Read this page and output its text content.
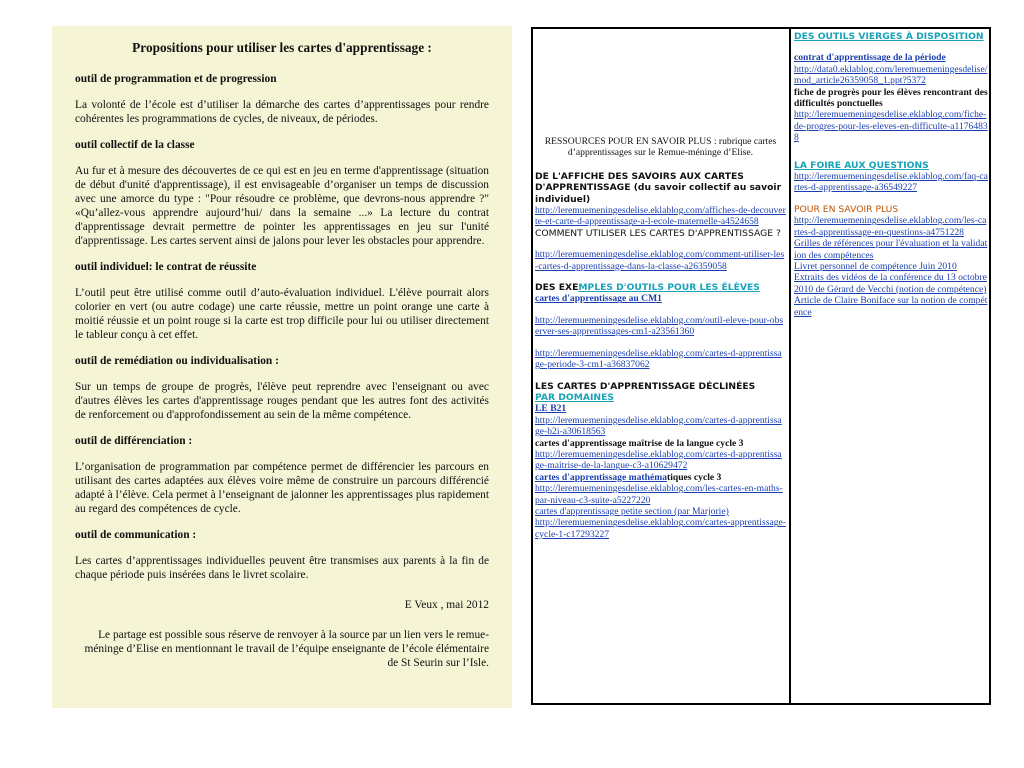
Propositions pour utiliser les cartes d'apprentissage :
outil de programmation et de progression
La volonté de l’école est d’utiliser la démarche des cartes d’apprentissages pour rendre cohérentes les programmations de cycles, de niveaux, de périodes.
outil collectif de la classe
Au fur et à mesure des découvertes de ce qui est en jeu en terme d'apprentissage (situation de début d'unité d'apprentissage), il est envisageable d’organiser un temps de discussion avec une amorce du type : "Pour résoudre ce problème, que devrons-nous apprendre ?" «Qu’allez-vous apprendre aujourd’hui/ dans la semaine ...» La lecture du contrat d'apprentissage devrait permettre de pointer les apprentissages en jeu sur l'unité d'apprentissage. Les cartes servent ainsi de jalons pour lever les obstacles pour apprendre.
outil individuel: le contrat de réussite
L’outil peut être utilisé comme outil d’auto-évaluation individuel. L'élève pourrait alors colorier en vert (ou autre codage) une carte réussie, mettre un point orange une carte à moitié réussie et un point rouge si la carte est trop difficile pour lui ou utiliser directement le tableur conçu à cet effet.
outil de remédiation ou individualisation :
Sur un temps de groupe de progrès, l'élève peut reprendre avec l'enseignant ou avec d'autres élèves les cartes d'apprentissage rouges pendant que les autres font des activités de renforcement ou d'approfondissement au sein de la même compétence.
outil de différenciation :
L’organisation de programmation par compétence permet de différencier les parcours en utilisant des cartes adaptées aux élèves voire même de construire un parcours différencié adapté à l’élève. Cela permet à l’enseignant de jalonner les apprentissages plus rapidement au regard des compétences de cycle.
outil de communication :
Les cartes d’apprentissages individuelles peuvent être transmises aux parents à la fin de chaque période puis insérées dans le livret scolaire.
E Veux , mai 2012
Le partage est possible sous réserve de renvoyer à la source par un lien vers le remue-méninge d’Elise en mentionnant le travail de l’équipe enseignante de l’école élémentaire de St Seurin sur l’Isle.
RESSOURCES POUR EN SAVOIR PLUS : rubrique cartes d’apprentissages sur le Remue-méninge d’Elise.
DE L'AFFICHE DES SAVOIRS AUX CARTES D'APPRENTISSAGE (du savoir collectif au savoir individuel)
http://leremuemeningesdelise.eklablog.com/affiches-de-decouverte-et-carte-d-apprentissage-a-l-ecole-maternelle-a4524658
COMMENT UTILISER LES CARTES D'APPRENTISSAGE ?
http://leremuemeningesdelise.eklablog.com/comment-utiliser-les-cartes-d-apprentissage-dans-la-classe-a26359058
DES EXEMPLES D'OUTILS POUR LES ÉLÈVES
cartes d'apprentissage au CM1
http://leremuemeningesdelise.eklablog.com/outil-eleve-pour-observer-ses-apprentissages-cm1-a23561360
http://leremuemeningesdelise.eklablog.com/cartes-d-apprentissage-periode-3-cm1-a36837062
LES CARTES D'APPRENTISSAGE DÉCLINÉES
PAR DOMAINES
LE B21
http://leremuemeningesdelise.eklablog.com/cartes-d-apprentissage-b2i-a30618563
cartes d'apprentissage maîtrise de la langue cycle 3
http://leremuemeningesdelise.eklablog.com/cartes-d-apprentissage-maitrise-de-la-langue-c3-a10629472
cartes d'apprentissage mathématiques cycle 3
http://leremuemeningesdelise.eklablog.com/les-cartes-en-maths-par-niveau-c3-suite-a5227220
cartes d'apprentissage petite section (par Marjorie)
http://leremuemeningesdelise.eklablog.com/cartes-apprentissage-cycle-1-c17293227
DES OUTILS VIERGES À DISPOSITION
contrat d'apprentissage de la période
http://data0.eklablog.com/leremuemeningesdelise/mod_article26359058_1.ppt?5372
fiche de progrès pour les élèves rencontrant des difficultés ponctuelles
http://leremuemeningesdelise.eklablog.com/fiche-de-progres-pour-les-eleves-en-difficulte-a11764838
LA FOIRE AUX QUESTIONS
http://leremuemeningesdelise.eklablog.com/faq-cartes-d-apprentissage-a36549227
POUR EN SAVOIR PLUS
http://leremuemeningesdelise.eklablog.com/les-cartes-d-apprentissage-en-questions-a4751228
Grilles de références pour l'évaluation et la validation des compétences
Livret personnel de compétence Juin 2010
Extraits des vidéos de la conférence du 13 octobre 2010 de Gérard de Vecchi (notion de compétence)
Article de Claire Boniface sur la notion de compétence
